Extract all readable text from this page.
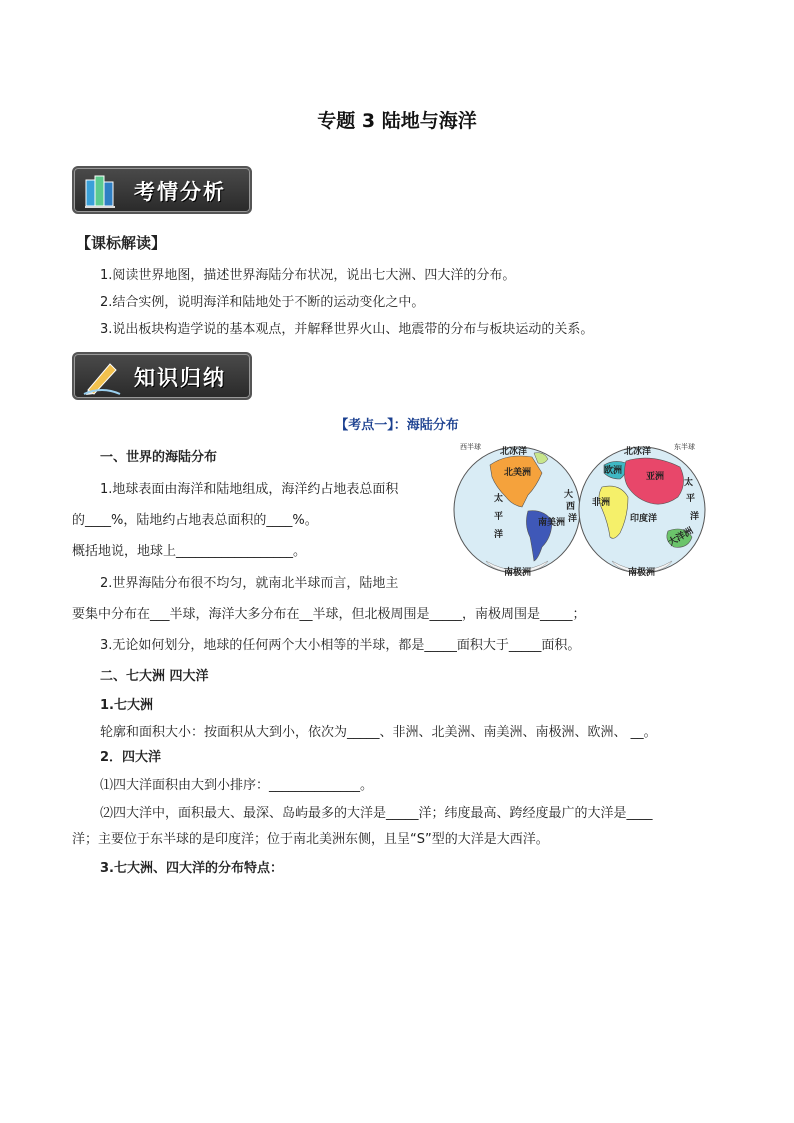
专题 3 陆地与海洋
考情分析
【课标解读】
1.阅读世界地图，描述世界海陆分布状况，说出七大洲、四大洋的分布。
2.结合实例，说明海洋和陆地处于不断的运动变化之中。
3.说出板块构造学说的基本观点，并解释世界火山、地震带的分布与板块运动的关系。
知识归纳
【考点一】：海陆分布
一、世界的海陆分布
1.地球表面由海洋和陆地组成，海洋约占地表总面积
的____%，陆地约占地表总面积的____%。
概括地说，地球上__________________。
2.世界海陆分布很不均匀，就南北半球而言，陆地主
要集中分布在___半球，海洋大多分布在__半球，但北极周围是_____，南极周围是_____；
3.无论如何划分，地球的任何两个大小相等的半球，都是_____面积大于_____面积。
西半球 北冰洋
北美洲
太
平
洋
大
西
洋
南美洲
南极洲
东半球
北冰洋
欧洲
亚洲
非洲
印度洋
太
平
洋
大洋洲
南极洲
二、七大洲 四大洋
1.七大洲
轮廓和面积大小：按面积从大到小，依次为_____、非洲、北美洲、南美洲、南极洲、欧洲、 __。
2．四大洋
⑴四大洋面积由大到小排序：______________。
⑵四大洋中，面积最大、最深、岛屿最多的大洋是_____洋；纬度最高、跨经度最广的大洋是____
洋；主要位于东半球的是印度洋；位于南北美洲东侧，且呈“S”型的大洋是大西洋。
3.七大洲、四大洋的分布特点：
